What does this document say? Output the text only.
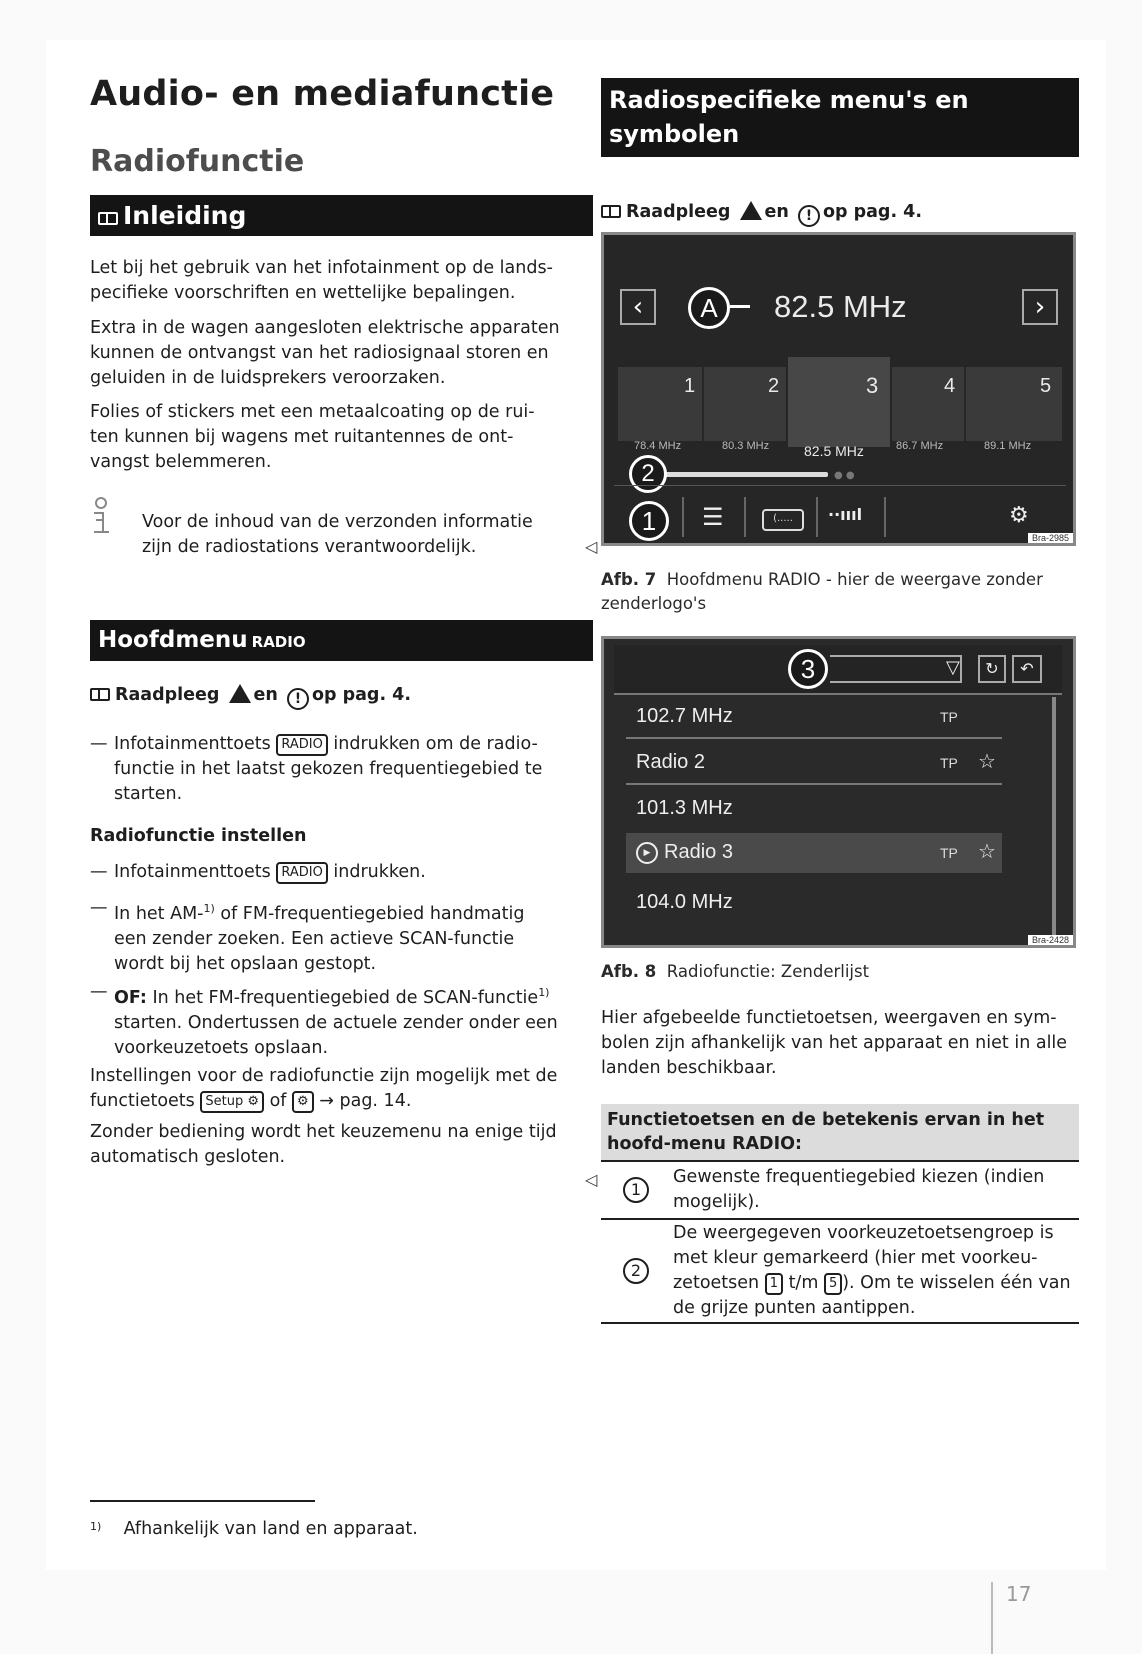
Audio- en mediafunctie
Radiofunctie
Inleiding

Let bij het gebruik van het infotainment op de lands-pecifieke voorschriften en wettelijke bepalingen.

Extra in de wagen aangesloten elektrische apparaten kunnen de ontvangst van het radiosignaal storen en geluiden in de luidsprekers veroorzaken.

Folies of stickers met een metaalcoating op de rui-ten kunnen bij wagens met ruitantennes de ont-vangst belemmeren.

Voor de inhoud van de verzonden informatie zijn de radiostations verantwoordelijk.	◁
Hoofdmenu RADIO
Raadpleeg en ! op pag. 4.

— Infotainmenttoets RADIO indrukken om de radio-functie in het laatst gekozen frequentiegebied te starten.

Radiofunctie instellen

— Infotainmenttoets RADIO indrukken.

— In het AM-$^{1)}$ of FM-frequentiegebied handmatig een zender zoeken. Een actieve SCAN-functie wordt bij het opslaan gestopt.

— OF: In het FM-frequentiegebied de SCAN-functie$^{1)}$ starten. Ondertussen de actuele zender onder een voorkeuzetoets opslaan.

Instellingen voor de radiofunctie zijn mogelijk met de functietoets Setup ⚙ of ⚙ → pag. 14.

Zonder bediening wordt het keuzemenu na enige tijd automatisch gesloten.

◁
Radiospecifieke menu's en symbolen
Raadpleeg en ! op pag. 4.
‹	A	82.5 MHz	›
1	2	3	4	5
78.4 MHz	80.3 MHz 82.5 MHz	86.7 MHz	89.1 MHz
● ●
2
1	☰	(.....	··ıııl	⚙
Bra-2985
Afb. 7 Hoofdmenu RADIO - hier de weergave zonder zenderlogo's
3	▽	↻	↶
102.7 MHz	TP
Radio 2	TP ☆
101.3 MHz
▶ Radio 3	TP ☆
104.0 MHz
Bra-2428
Afb. 8 Radiofunctie: Zenderlijst

Hier afgebeelde functietoetsen, weergaven en sym-bolen zijn afhankelijk van het apparaat en niet in alle landen beschikbaar.

Functietoetsen en de betekenis ervan in het hoofd-menu RADIO:
1
Gewenste frequentiegebied kiezen (indien mogelijk).
2
De weergegeven voorkeuzetoetsengroep is met kleur gemarkeerd (hier met voorkeu-zetoetsen 1 t/m 5 ). Om te wisselen één van de grijze punten aantippen.
$^{1)}$ Afhankelijk van land en apparaat.
17
